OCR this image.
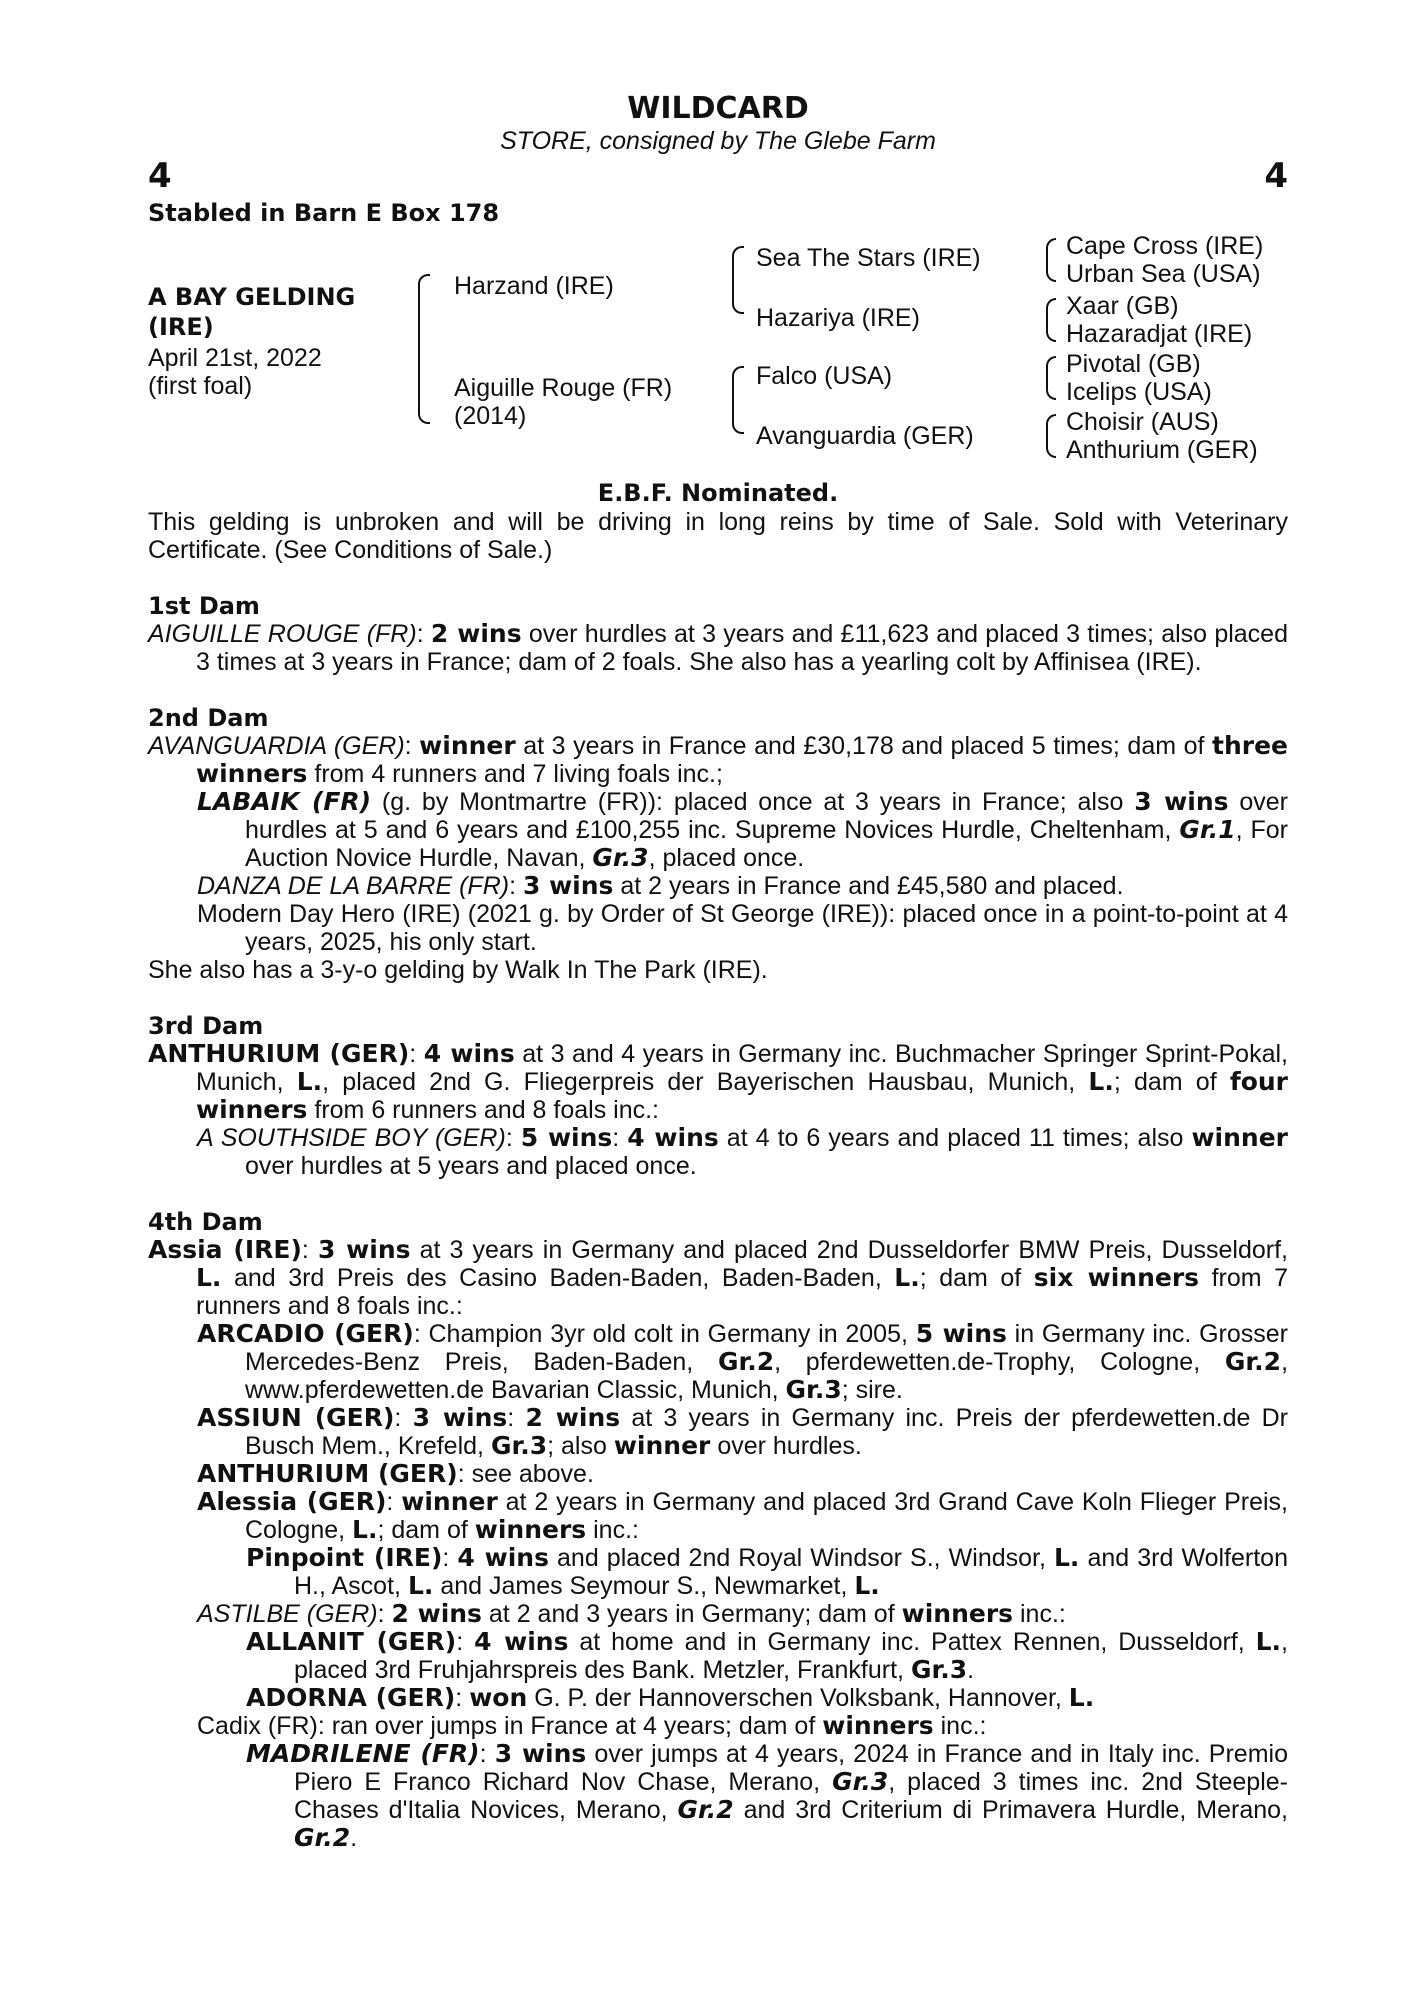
WILDCARD
STORE, consigned by The Glebe Farm
4	4
Stabled in Barn E Box 178
A BAY GELDING
(IRE)
April 21st, 2022
(first foal)
Harzand (IRE)
Aiguille Rouge (FR)
(2014)
Sea The Stars (IRE)
Hazariya (IRE)
Falco (USA)
Avanguardia (GER)
Cape Cross (IRE)
Urban Sea (USA)
Xaar (GB)
Hazaradjat (IRE)
Pivotal (GB)
Icelips (USA)
Choisir (AUS)
Anthurium (GER)
E.B.F. Nominated.
This gelding is unbroken and will be driving in long reins by time of Sale. Sold with Veterinary Certificate. (See Conditions of Sale.)
1st Dam
AIGUILLE ROUGE (FR): 2 wins over hurdles at 3 years and £11,623 and placed 3 times; also placed 3 times at 3 years in France; dam of 2 foals. She also has a yearling colt by Affinisea (IRE).
2nd Dam
AVANGUARDIA (GER): winner at 3 years in France and £30,178 and placed 5 times; dam of three winners from 4 runners and 7 living foals inc.;
LABAIK (FR) (g. by Montmartre (FR)): placed once at 3 years in France; also 3 wins over hurdles at 5 and 6 years and £100,255 inc. Supreme Novices Hurdle, Cheltenham, Gr.1, For Auction Novice Hurdle, Navan, Gr.3, placed once.
DANZA DE LA BARRE (FR): 3 wins at 2 years in France and £45,580 and placed.
Modern Day Hero (IRE) (2021 g. by Order of St George (IRE)): placed once in a point-to-point at 4 years, 2025, his only start.
She also has a 3-y-o gelding by Walk In The Park (IRE).
3rd Dam
ANTHURIUM (GER): 4 wins at 3 and 4 years in Germany inc. Buchmacher Springer Sprint-Pokal, Munich, L., placed 2nd G. Fliegerpreis der Bayerischen Hausbau, Munich, L.; dam of four winners from 6 runners and 8 foals inc.:
A SOUTHSIDE BOY (GER): 5 wins: 4 wins at 4 to 6 years and placed 11 times; also winner over hurdles at 5 years and placed once.
4th Dam
Assia (IRE): 3 wins at 3 years in Germany and placed 2nd Dusseldorfer BMW Preis, Dusseldorf, L. and 3rd Preis des Casino Baden-Baden, Baden-Baden, L.; dam of six winners from 7 runners and 8 foals inc.:
ARCADIO (GER): Champion 3yr old colt in Germany in 2005, 5 wins in Germany inc. Grosser Mercedes-Benz Preis, Baden-Baden, Gr.2, pferdewetten.de-Trophy, Cologne, Gr.2, www.pferdewetten.de Bavarian Classic, Munich, Gr.3; sire.
ASSIUN (GER): 3 wins: 2 wins at 3 years in Germany inc. Preis der pferdewetten.de Dr Busch Mem., Krefeld, Gr.3; also winner over hurdles.
ANTHURIUM (GER): see above.
Alessia (GER): winner at 2 years in Germany and placed 3rd Grand Cave Koln Flieger Preis, Cologne, L.; dam of winners inc.:
Pinpoint (IRE): 4 wins and placed 2nd Royal Windsor S., Windsor, L. and 3rd Wolferton H., Ascot, L. and James Seymour S., Newmarket, L.
ASTILBE (GER): 2 wins at 2 and 3 years in Germany; dam of winners inc.:
ALLANIT (GER): 4 wins at home and in Germany inc. Pattex Rennen, Dusseldorf, L., placed 3rd Fruhjahrspreis des Bank. Metzler, Frankfurt, Gr.3.
ADORNA (GER): won G. P. der Hannoverschen Volksbank, Hannover, L.
Cadix (FR): ran over jumps in France at 4 years; dam of winners inc.:
MADRILENE (FR): 3 wins over jumps at 4 years, 2024 in France and in Italy inc. Premio Piero E Franco Richard Nov Chase, Merano, Gr.3, placed 3 times inc. 2nd Steeple-Chases d'Italia Novices, Merano, Gr.2 and 3rd Criterium di Primavera Hurdle, Merano, Gr.2.
